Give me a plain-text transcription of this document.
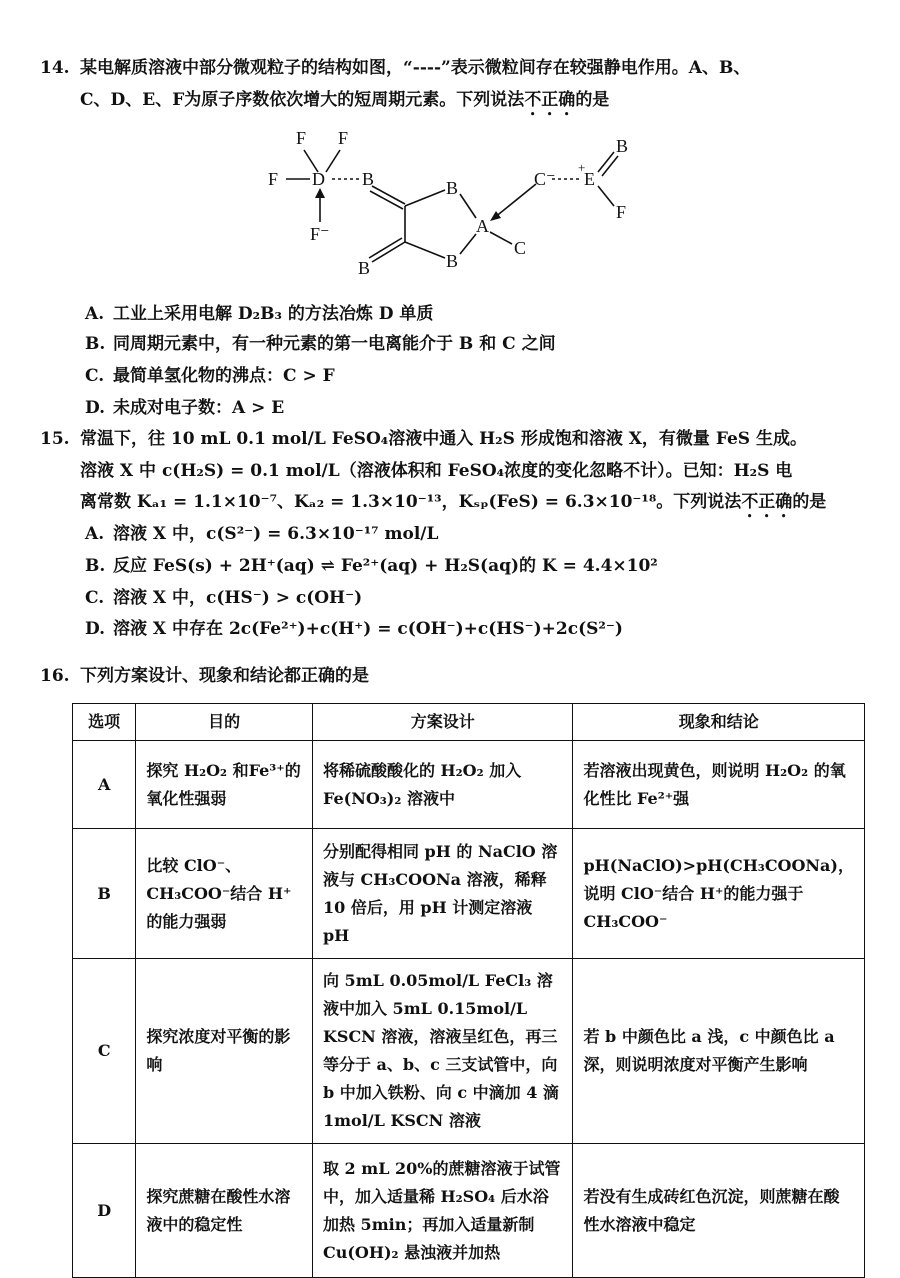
14. 某电解质溶液中部分微观粒子的结构如图，“----”表示微粒间存在较强静电作用。A、B、
C、D、E、F为原子序数依次增大的短周期元素。下列说法不正确的是
F F
F D B
F⁻
B
B
A
C
B
C⁻ E
+
B
F
A. 工业上采用电解 D₂B₃ 的方法冶炼 D 单质
B. 同周期元素中，有一种元素的第一电离能介于 B 和 C 之间
C. 最简单氢化物的沸点：C > F
D. 未成对电子数：A > E
15. 常温下，往 10 mL 0.1 mol/L FeSO₄溶液中通入 H₂S 形成饱和溶液 X，有微量 FeS 生成。
溶液 X 中 c(H₂S) = 0.1 mol/L（溶液体积和 FeSO₄浓度的变化忽略不计）。已知：H₂S 电
离常数 Kₐ₁ = 1.1×10⁻⁷、Kₐ₂ = 1.3×10⁻¹³，Kₛₚ(FeS) = 6.3×10⁻¹⁸。下列说法不正确的是
A. 溶液 X 中，c(S²⁻) = 6.3×10⁻¹⁷ mol/L
B. 反应 FeS(s) + 2H⁺(aq) ⇌ Fe²⁺(aq) + H₂S(aq)的 K = 4.4×10²
C. 溶液 X 中，c(HS⁻) > c(OH⁻)
D. 溶液 X 中存在 2c(Fe²⁺)+c(H⁺) = c(OH⁻)+c(HS⁻)+2c(S²⁻)
16. 下列方案设计、现象和结论都正确的是
选项	目的	方案设计	现象和结论
A	探究 H₂O₂ 和Fe³⁺的氧化性强弱	将稀硫酸酸化的 H₂O₂ 加入 Fe(NO₃)₂ 溶液中	若溶液出现黄色，则说明 H₂O₂ 的氧化性比 Fe²⁺强
B	比较 ClO⁻、CH₃COO⁻结合 H⁺的能力强弱	分别配得相同 pH 的 NaClO 溶液与 CH₃COONa 溶液，稀释 10 倍后，用 pH 计测定溶液 pH	pH(NaClO)>pH(CH₃COONa)，说明 ClO⁻结合 H⁺的能力强于 CH₃COO⁻
C	探究浓度对平衡的影响	向 5mL 0.05mol/L FeCl₃ 溶液中加入 5mL 0.15mol/L KSCN 溶液，溶液呈红色，再三等分于 a、b、c 三支试管中，向 b 中加入铁粉、向 c 中滴加 4 滴 1mol/L KSCN 溶液	若 b 中颜色比 a 浅，c 中颜色比 a 深，则说明浓度对平衡产生影响
D	探究蔗糖在酸性水溶液中的稳定性	取 2 mL 20%的蔗糖溶液于试管中，加入适量稀 H₂SO₄ 后水浴加热 5min；再加入适量新制 Cu(OH)₂ 悬浊液并加热	若没有生成砖红色沉淀，则蔗糖在酸性水溶液中稳定
